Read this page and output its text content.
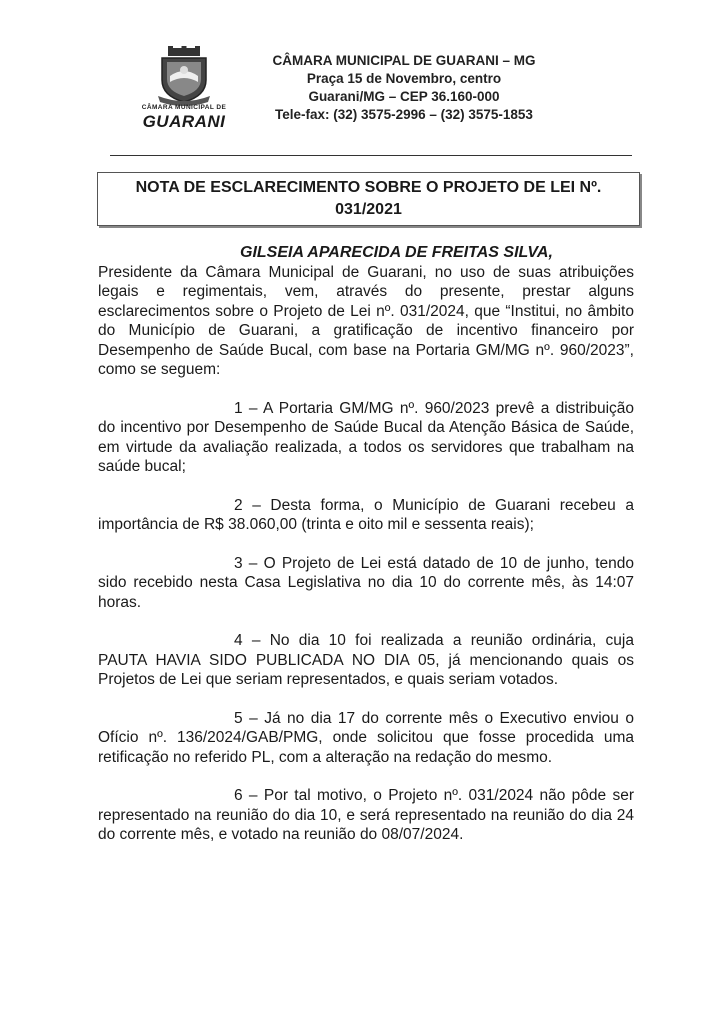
CÂMARA MUNICIPAL DE
GUARANI
CÂMARA MUNICIPAL DE GUARANI – MG
Praça 15 de Novembro, centro
Guarani/MG – CEP 36.160-000
Tele-fax: (32) 3575-2996 – (32) 3575-1853
NOTA DE ESCLARECIMENTO SOBRE O PROJETO DE LEI Nº.
031/2021
GILSEIA APARECIDA DE FREITAS SILVA,

Presidente da Câmara Municipal de Guarani, no uso de suas atribuições legais e regimentais, vem, através do presente, prestar alguns esclarecimentos sobre o Projeto de Lei nº. 031/2024, que “Institui, no âmbito do Município de Guarani, a gratificação de incentivo financeiro por Desempenho de Saúde Bucal, com base na Portaria GM/MG nº. 960/2023”, como se seguem:

1 – A Portaria GM/MG nº. 960/2023 prevê a distribuição do incentivo por Desempenho de Saúde Bucal da Atenção Básica de Saúde, em virtude da avaliação realizada, a todos os servidores que trabalham na saúde bucal;

2 – Desta forma, o Município de Guarani recebeu a importância de R$ 38.060,00 (trinta e oito mil e sessenta reais);

3 – O Projeto de Lei está datado de 10 de junho, tendo sido recebido nesta Casa Legislativa no dia 10 do corrente mês, às 14:07 horas.

4 – No dia 10 foi realizada a reunião ordinária, cuja PAUTA HAVIA SIDO PUBLICADA NO DIA 05, já mencionando quais os Projetos de Lei que seriam representados, e quais seriam votados.

5 – Já no dia 17 do corrente mês o Executivo enviou o Ofício nº. 136/2024/GAB/PMG, onde solicitou que fosse procedida uma retificação no referido PL, com a alteração na redação do mesmo.

6 – Por tal motivo, o Projeto nº. 031/2024 não pôde ser representado na reunião do dia 10, e será representado na reunião do dia 24 do corrente mês, e votado na reunião do 08/07/2024.
